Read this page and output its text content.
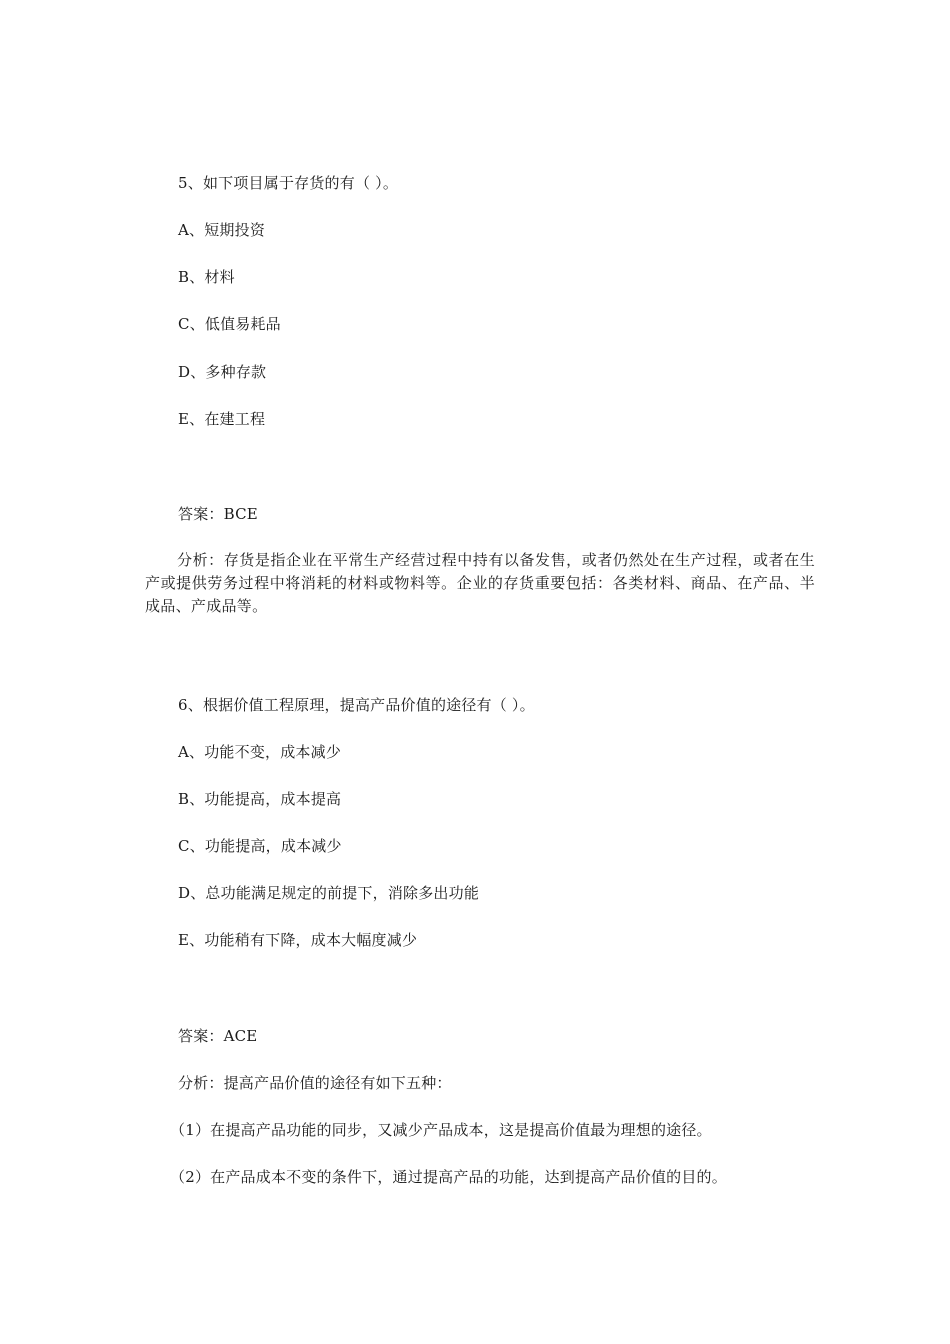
5、如下项目属于存货的有（ ）。
A、短期投资
B、材料
C、低值易耗品
D、多种存款
E、在建工程
答案：BCE
分析：存货是指企业在平常生产经营过程中持有以备发售，或者仍然处在生产过程，或者在生产或提供劳务过程中将消耗的材料或物料等。企业的存货重要包括：各类材料、商品、在产品、半成品、产成品等。
6、根据价值工程原理，提高产品价值的途径有（ ）。
A、功能不变，成本减少
B、功能提高，成本提高
C、功能提高，成本减少
D、总功能满足规定的前提下，消除多出功能
E、功能稍有下降，成本大幅度减少
答案：ACE
分析：提高产品价值的途径有如下五种：
（1）在提高产品功能的同步，又减少产品成本，这是提高价值最为理想的途径。
（2）在产品成本不变的条件下，通过提高产品的功能，达到提高产品价值的目的。
